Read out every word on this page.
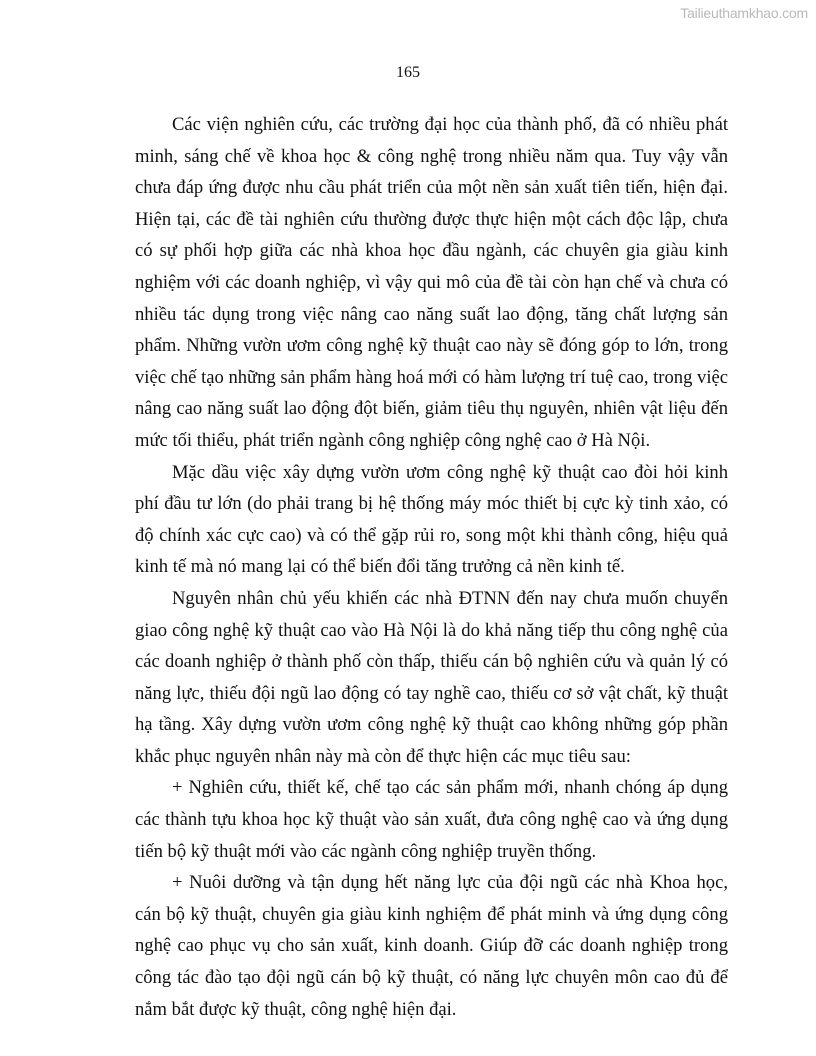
Tailieuthamkhao.com
165

Các viện nghiên cứu, các trường đại học của thành phố, đã có nhiều phát minh, sáng chế về khoa học & công nghệ trong nhiều năm qua. Tuy vậy vẫn chưa đáp ứng được nhu cầu phát triển của một nền sản xuất tiên tiến, hiện đại. Hiện tại, các đề tài nghiên cứu thường được thực hiện một cách độc lập, chưa có sự phối hợp giữa các nhà khoa học đầu ngành, các chuyên gia giàu kinh nghiệm với các doanh nghiệp, vì vậy qui mô của đề tài còn hạn chế và chưa có nhiều tác dụng trong việc nâng cao năng suất lao động, tăng chất lượng sản phẩm. Những vườn ươm công nghệ kỹ thuật cao này sẽ đóng góp to lớn, trong việc chế tạo những sản phẩm hàng hoá mới có hàm lượng trí tuệ cao, trong việc nâng cao năng suất lao động đột biến, giảm tiêu thụ nguyên, nhiên vật liệu đến mức tối thiểu, phát triển ngành công nghiệp công nghệ cao ở Hà Nội.

Mặc dầu việc xây dựng vườn ươm công nghệ kỹ thuật cao đòi hỏi kinh phí đầu tư lớn (do phải trang bị hệ thống máy móc thiết bị cực kỳ tinh xảo, có độ chính xác cực cao) và có thể gặp rủi ro, song một khi thành công, hiệu quả kinh tế mà nó mang lại có thể biến đổi tăng trưởng cả nền kinh tế.

Nguyên nhân chủ yếu khiến các nhà ĐTNN đến nay chưa muốn chuyển giao công nghệ kỹ thuật cao vào Hà Nội là do khả năng tiếp thu công nghệ của các doanh nghiệp ở thành phố còn thấp, thiếu cán bộ nghiên cứu và quản lý có năng lực, thiếu đội ngũ lao động có tay nghề cao, thiếu cơ sở vật chất, kỹ thuật hạ tầng. Xây dựng vườn ươm công nghệ kỹ thuật cao không những góp phần khắc phục nguyên nhân này mà còn để thực hiện các mục tiêu sau:

+ Nghiên cứu, thiết kế, chế tạo các sản phẩm mới, nhanh chóng áp dụng các thành tựu khoa học kỹ thuật vào sản xuất, đưa công nghệ cao và ứng dụng tiến bộ kỹ thuật mới vào các ngành công nghiệp truyền thống.

+ Nuôi dưỡng và tận dụng hết năng lực của đội ngũ các nhà Khoa học, cán bộ kỹ thuật, chuyên gia giàu kinh nghiệm để phát minh và ứng dụng công nghệ cao phục vụ cho sản xuất, kinh doanh. Giúp đỡ các doanh nghiệp trong công tác đào tạo đội ngũ cán bộ kỹ thuật, có năng lực chuyên môn cao đủ để nắm bắt được kỹ thuật, công nghệ hiện đại.
